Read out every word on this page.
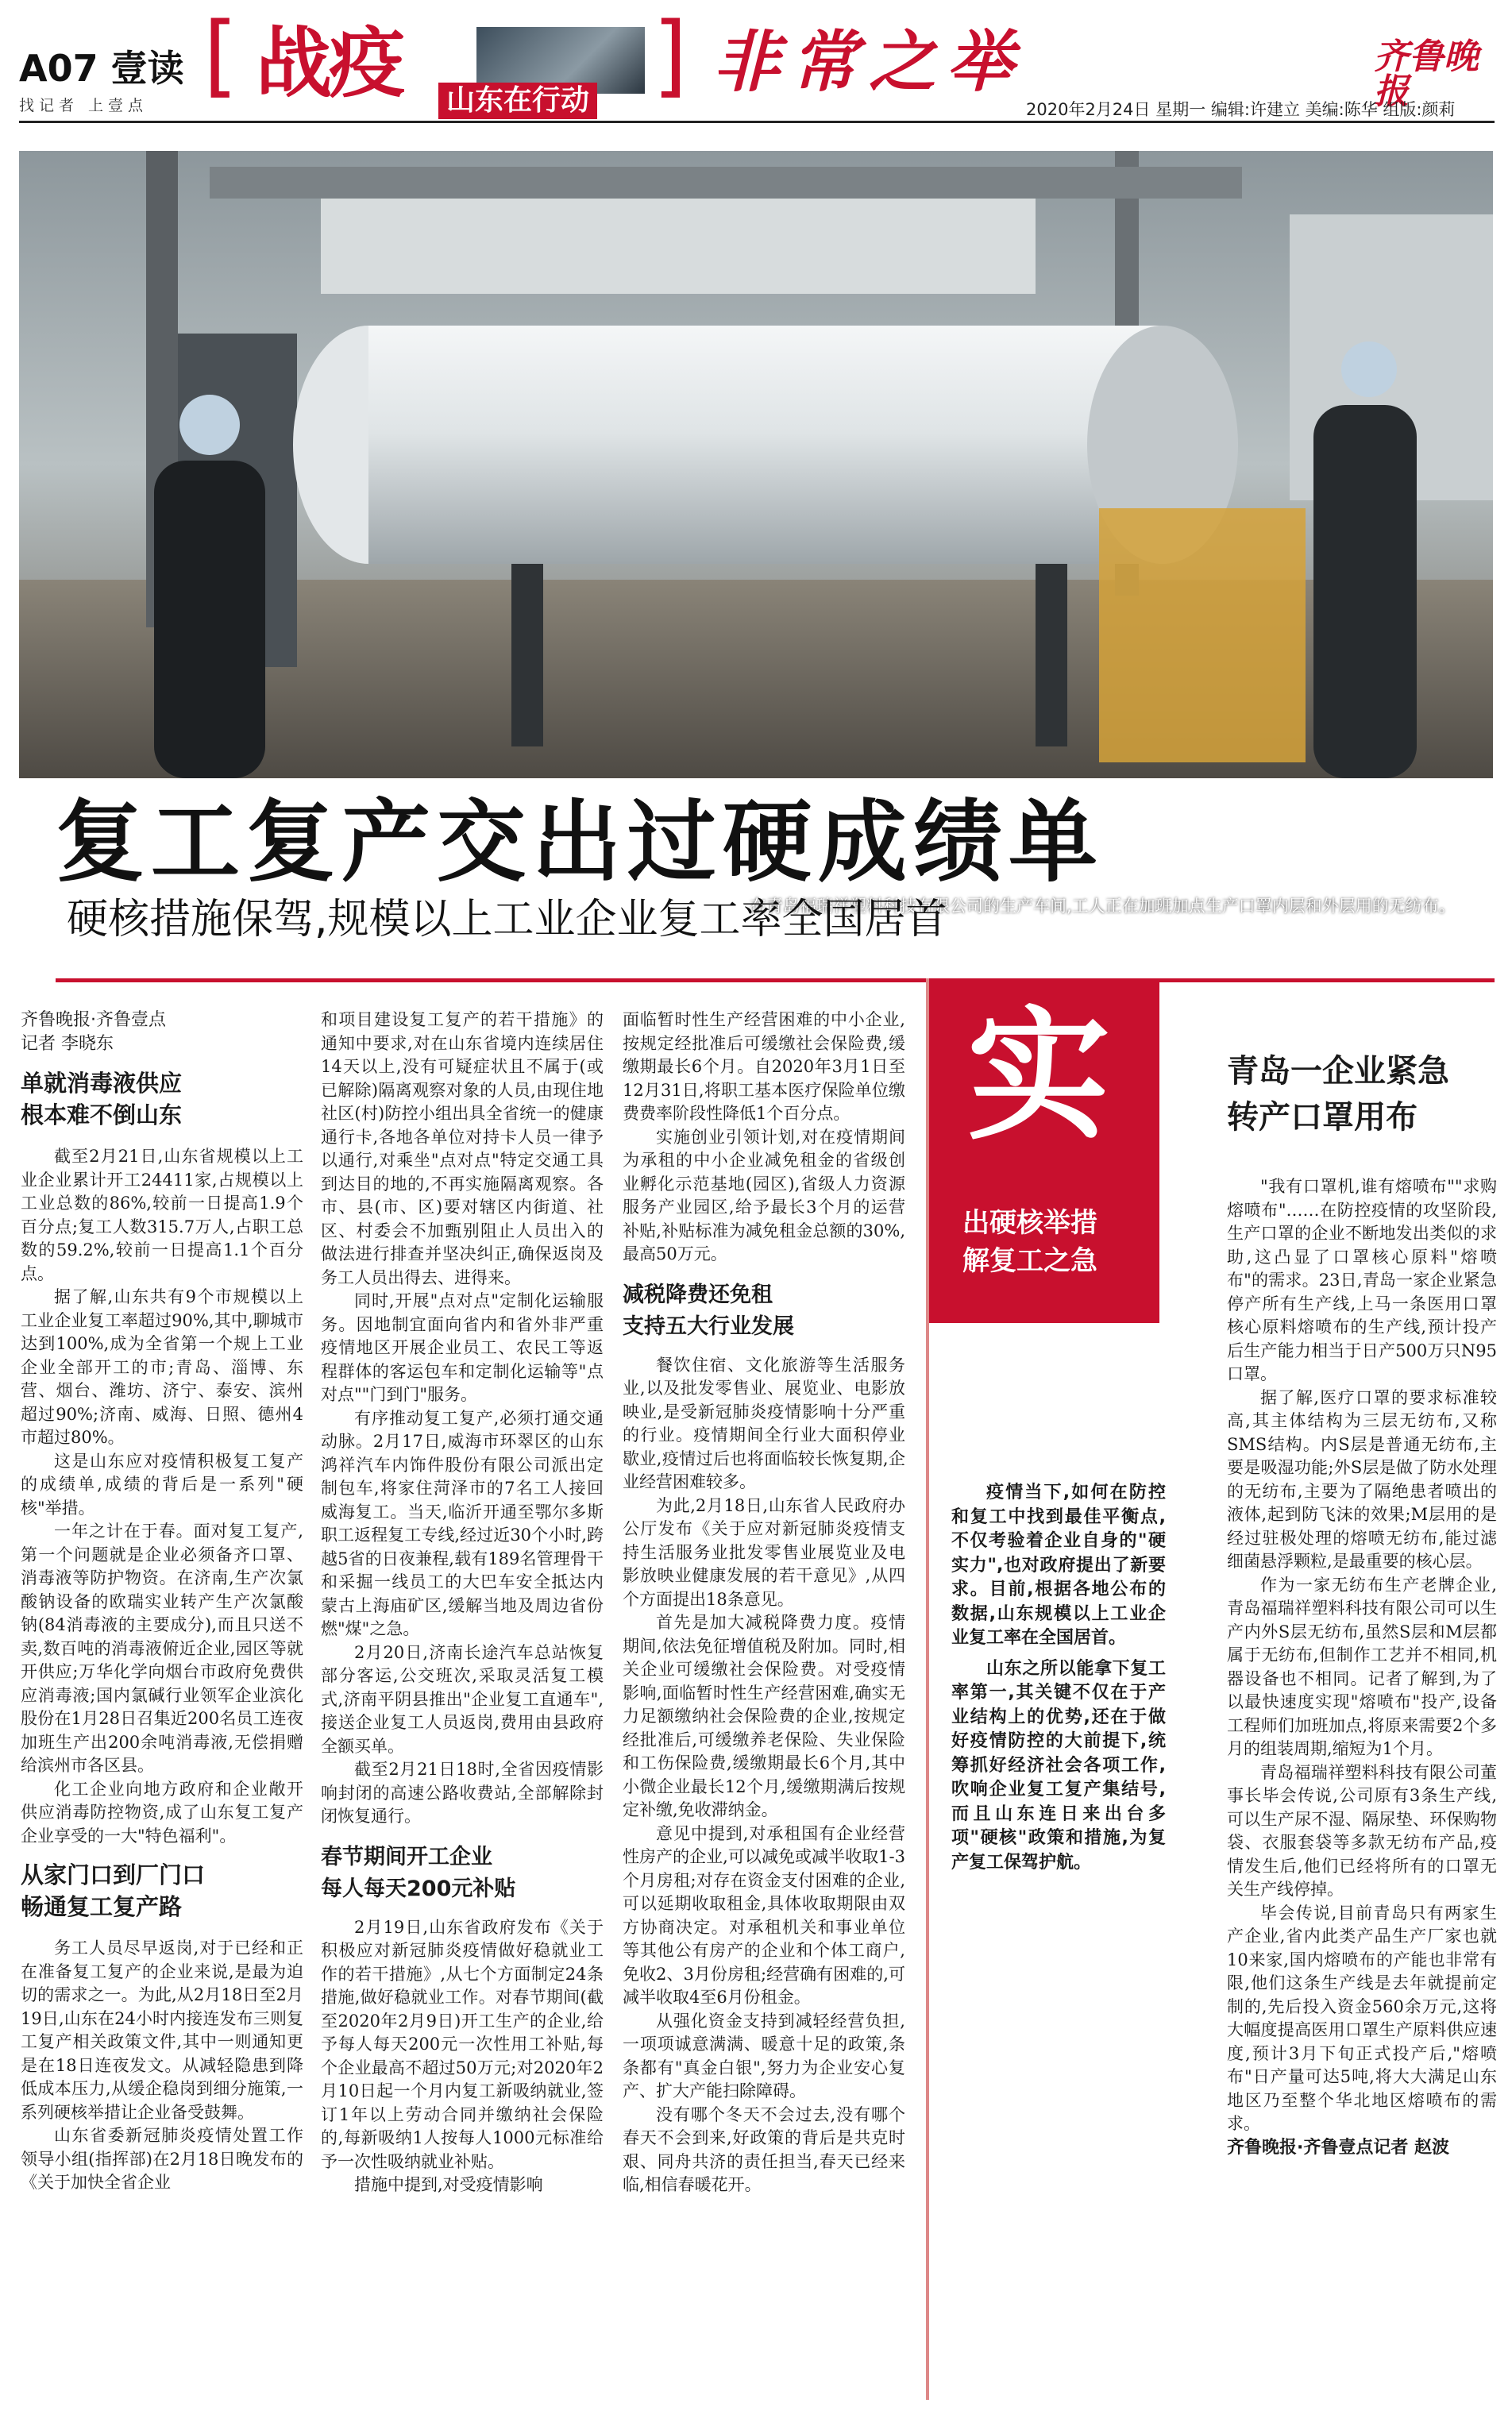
A07 壹读
找记者 上壹点 [ 战疫 山东在行动 ] 非常之举	齐鲁晚报
2020年2月24日 星期一 编辑:许建立 美编:陈华 组版:颜莉
在青岛福瑞祥塑料科技有限公司的生产车间,工人正在加班加点生产口罩内层和外层用的无纺布。
复工复产交出过硬成绩单
硬核措施保驾,规模以上工业企业复工率全国居首
齐鲁晚报·齐鲁壹点
记者 李晓东
单就消毒液供应
根本难不倒山东

截至2月21日,山东省规模以上工业企业累计开工24411家,占规模以上工业总数的86%,较前一日提高1.9个百分点;复工人数315.7万人,占职工总数的59.2%,较前一日提高1.1个百分点。

据了解,山东共有9个市规模以上工业企业复工率超过90%,其中,聊城市达到100%,成为全省第一个规上工业企业全部开工的市;青岛、淄博、东营、烟台、潍坊、济宁、泰安、滨州超过90%;济南、威海、日照、德州4市超过80%。

这是山东应对疫情积极复工复产的成绩单,成绩的背后是一系列"硬核"举措。

一年之计在于春。面对复工复产,第一个问题就是企业必须备齐口罩、消毒液等防护物资。在济南,生产次氯酸钠设备的欧瑞实业转产生产次氯酸钠(84消毒液的主要成分),而且只送不卖,数百吨的消毒液俯近企业,园区等就开供应;万华化学向烟台市政府免费供应消毒液;国内氯碱行业领军企业滨化股份在1月28日召集近200名员工连夜加班生产出200余吨消毒液,无偿捐赠给滨州市各区县。

化工企业向地方政府和企业敞开供应消毒防控物资,成了山东复工复产企业享受的一大"特色福利"。

从家门口到厂门口
畅通复工复产路

务工人员尽早返岗,对于已经和正在准备复工复产的企业来说,是最为迫切的需求之一。为此,从2月18日至2月19日,山东在24小时内接连发布三则复工复产相关政策文件,其中一则通知更是在18日连夜发文。从减轻隐患到降低成本压力,从缓企稳岗到细分施策,一系列硬核举措让企业备受鼓舞。

山东省委新冠肺炎疫情处置工作领导小组(指挥部)在2月18日晚发布的《关于加快全省企业

和项目建设复工复产的若干措施》的通知中要求,对在山东省境内连续居住14天以上,没有可疑症状且不属于(或已解除)隔离观察对象的人员,由现住地社区(村)防控小组出具全省统一的健康通行卡,各地各单位对持卡人员一律予以通行,对乘坐"点对点"特定交通工具到达目的地的,不再实施隔离观察。各市、县(市、区)要对辖区内街道、社区、村委会不加甄别阻止人员出入的做法进行排查并坚决纠正,确保返岗及务工人员出得去、进得来。

同时,开展"点对点"定制化运输服务。因地制宜面向省内和省外非严重疫情地区开展企业员工、农民工等返程群体的客运包车和定制化运输等"点对点""门到门"服务。

有序推动复工复产,必须打通交通动脉。2月17日,威海市环翠区的山东鸿祥汽车内饰件股份有限公司派出定制包车,将家住菏泽市的7名工人接回威海复工。当天,临沂开通至鄂尔多斯职工返程复工专线,经过近30个小时,跨越5省的日夜兼程,载有189名管理骨干和采掘一线员工的大巴车安全抵达内蒙古上海庙矿区,缓解当地及周边省份燃"煤"之急。

2月20日,济南长途汽车总站恢复部分客运,公交班次,采取灵活复工模式,济南平阴县推出"企业复工直通车",接送企业复工人员返岗,费用由县政府全额买单。

截至2月21日18时,全省因疫情影响封闭的高速公路收费站,全部解除封闭恢复通行。

春节期间开工企业
每人每天200元补贴

2月19日,山东省政府发布《关于积极应对新冠肺炎疫情做好稳就业工作的若干措施》,从七个方面制定24条措施,做好稳就业工作。对春节期间(截至2020年2月9日)开工生产的企业,给予每人每天200元一次性用工补贴,每个企业最高不超过50万元;对2020年2月10日起一个月内复工新吸纳就业,签订1年以上劳动合同并缴纳社会保险的,每新吸纳1人按每人1000元标准给予一次性吸纳就业补贴。

措施中提到,对受疫情影响

面临暂时性生产经营困难的中小企业,按规定经批准后可缓缴社会保险费,缓缴期最长6个月。自2020年3月1日至12月31日,将职工基本医疗保险单位缴费费率阶段性降低1个百分点。

实施创业引领计划,对在疫情期间为承租的中小企业减免租金的省级创业孵化示范基地(园区),省级人力资源服务产业园区,给予最长3个月的运营补贴,补贴标准为减免租金总额的30%,最高50万元。

减税降费还免租
支持五大行业发展

餐饮住宿、文化旅游等生活服务业,以及批发零售业、展览业、电影放映业,是受新冠肺炎疫情影响十分严重的行业。疫情期间全行业大面积停业歇业,疫情过后也将面临较长恢复期,企业经营困难较多。

为此,2月18日,山东省人民政府办公厅发布《关于应对新冠肺炎疫情支持生活服务业批发零售业展览业及电影放映业健康发展的若干意见》,从四个方面提出18条意见。

首先是加大减税降费力度。疫情期间,依法免征增值税及附加。同时,相关企业可缓缴社会保险费。对受疫情影响,面临暂时性生产经营困难,确实无力足额缴纳社会保险费的企业,按规定经批准后,可缓缴养老保险、失业保险和工伤保险费,缓缴期最长6个月,其中小微企业最长12个月,缓缴期满后按规定补缴,免收滞纳金。

意见中提到,对承租国有企业经营性房产的企业,可以减免或减半收取1-3个月房租;对存在资金支付困难的企业,可以延期收取租金,具体收取期限由双方协商决定。对承租机关和事业单位等其他公有房产的企业和个体工商户,免收2、3月份房租;经营确有困难的,可减半收取4至6月份租金。

从强化资金支持到减轻经营负担,一项项诚意满满、暖意十足的政策,条条都有"真金白银",努力为企业安心复产、扩大产能扫除障碍。

没有哪个冬天不会过去,没有哪个春天不会到来,好政策的背后是共克时艰、同舟共济的责任担当,春天已经来临,相信春暖花开。

实
出硬核举措
解复工之急

疫情当下,如何在防控和复工中找到最佳平衡点,不仅考验着企业自身的"硬实力",也对政府提出了新要求。目前,根据各地公布的数据,山东规模以上工业企业复工率在全国居首。

山东之所以能拿下复工率第一,其关键不仅在于产业结构上的优势,还在于做好疫情防控的大前提下,统筹抓好经济社会各项工作,吹响企业复工复产集结号,而且山东连日来出台多项"硬核"政策和措施,为复产复工保驾护航。

青岛一企业紧急
转产口罩用布

"我有口罩机,谁有熔喷布""求购熔喷布"……在防控疫情的攻坚阶段,生产口罩的企业不断地发出类似的求助,这凸显了口罩核心原料"熔喷布"的需求。23日,青岛一家企业紧急停产所有生产线,上马一条医用口罩核心原料熔喷布的生产线,预计投产后生产能力相当于日产500万只N95口罩。

据了解,医疗口罩的要求标准较高,其主体结构为三层无纺布,又称SMS结构。内S层是普通无纺布,主要是吸湿功能;外S层是做了防水处理的无纺布,主要为了隔绝患者喷出的液体,起到防飞沫的效果;M层用的是经过驻极处理的熔喷无纺布,能过滤细菌悬浮颗粒,是最重要的核心层。

作为一家无纺布生产老牌企业,青岛福瑞祥塑料科技有限公司可以生产内外S层无纺布,虽然S层和M层都属于无纺布,但制作工艺并不相同,机器设备也不相同。记者了解到,为了以最快速度实现"熔喷布"投产,设备工程师们加班加点,将原来需要2个多月的组装周期,缩短为1个月。

青岛福瑞祥塑料科技有限公司董事长毕会传说,公司原有3条生产线,可以生产尿不湿、隔尿垫、环保购物袋、衣服套袋等多款无纺布产品,疫情发生后,他们已经将所有的口罩无关生产线停掉。

毕会传说,目前青岛只有两家生产企业,省内此类产品生产厂家也就10来家,国内熔喷布的产能也非常有限,他们这条生产线是去年就提前定制的,先后投入资金560余万元,这将大幅度提高医用口罩生产原料供应速度,预计3月下旬正式投产后,"熔喷布"日产量可达5吨,将大大满足山东地区乃至整个华北地区熔喷布的需求。

齐鲁晚报·齐鲁壹点记者 赵波
